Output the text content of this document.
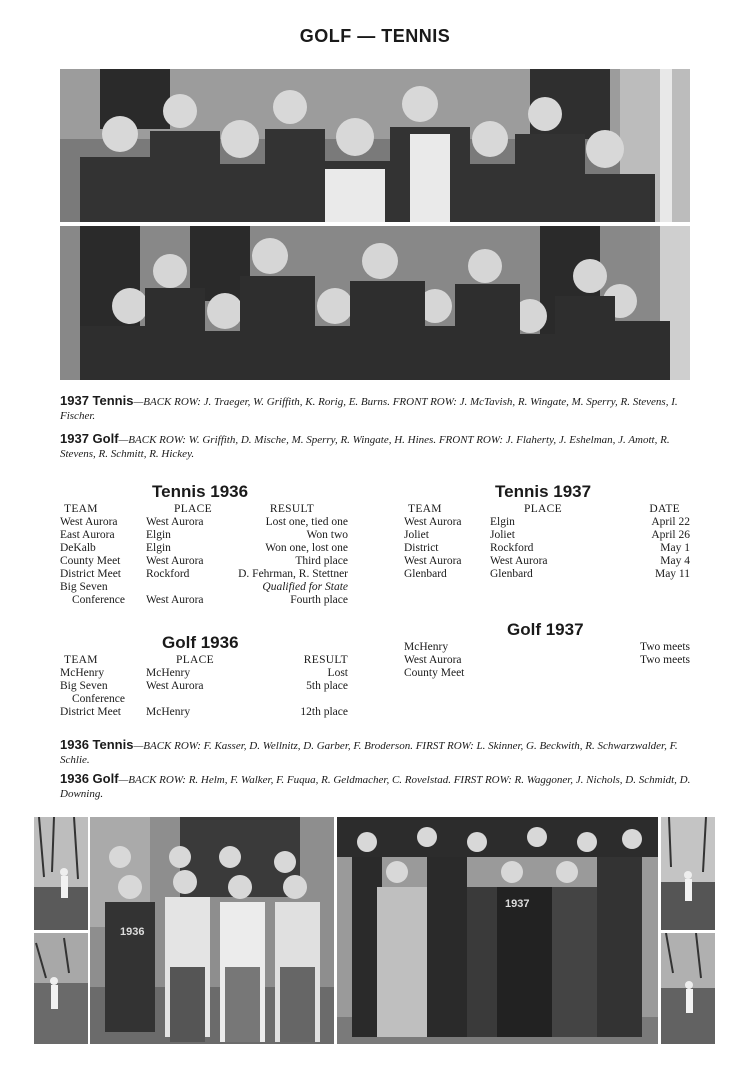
GOLF — TENNIS
1937 Tennis—BACK ROW: J. Traeger, W. Griffith, K. Rorig, E. Burns. FRONT ROW: J. McTavish, R. Wingate, M. Sperry, R. Stevens, I. Fischer.
1937 Golf—BACK ROW: W. Griffith, D. Mische, M. Sperry, R. Wingate, H. Hines. FRONT ROW: J. Flaherty, J. Eshelman, J. Amott, R. Stevens, R. Schmitt, R. Hickey.
Tennis 1936
TEAM	PLACE	RESULT
West Aurora	West Aurora	Lost one, tied one
East Aurora	Elgin	Won two
DeKalb	Elgin	Won one, lost one
County Meet	West Aurora	Third place
District Meet	Rockford	D. Fehrman, R. Stettner
Big Seven		Qualified for State
Conference	West Aurora	Fourth place
Tennis 1937
TEAM	PLACE	DATE
West Aurora	Elgin	April 22
Joliet	Joliet	April 26
District	Rockford	May 1
West Aurora	West Aurora	May 4
Glenbard	Glenbard	May 11
Golf 1936
TEAM	PLACE	RESULT
McHenry	McHenry	Lost
Big Seven	West Aurora	5th place
Conference		
District Meet	McHenry	12th place
Golf 1937
McHenry	Two meets
West Aurora	Two meets
County Meet	
1936 Tennis—BACK ROW: F. Kasser, D. Wellnitz, D. Garber, F. Broderson. FIRST ROW: L. Skinner, G. Beckwith, R. Schwarzwalder, F. Schlie.
1936 Golf—BACK ROW: R. Helm, F. Walker, F. Fuqua, R. Geldmacher, C. Rovelstad. FIRST ROW: R. Waggoner, J. Nichols, D. Schmidt, D. Downing.
1936
1937
